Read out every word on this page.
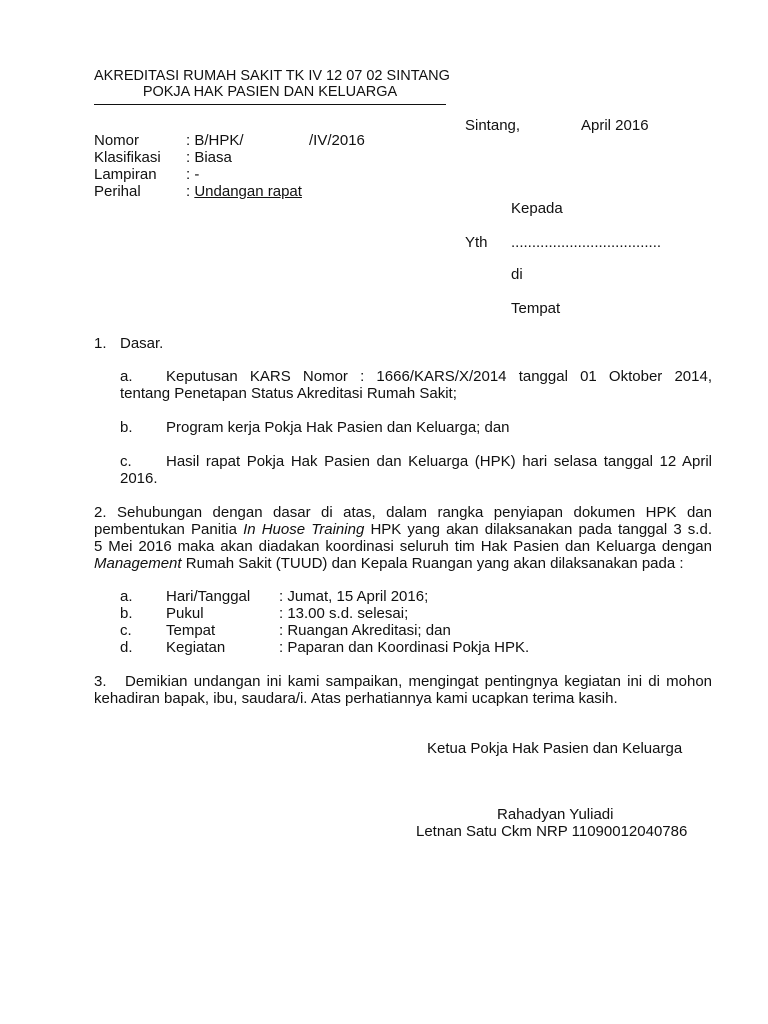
AKREDITASI RUMAH SAKIT TK IV 12 07 02 SINTANG
POKJA HAK PASIEN DAN KELUARGA
Sintang,	April 2016
Nomor	: B/HPK/	/IV/2016
Klasifikasi : Biasa
Lampiran : -
Perihal	: Undangan rapat
Kepada
Yth ....................................
di
Tempat
1. Dasar.
a. Keputusan KARS Nomor : 1666/KARS/X/2014 tanggal 01 Oktober 2014,
tentang Penetapan Status Akreditasi Rumah Sakit;
b. Program kerja Pokja Hak Pasien dan Keluarga; dan
c. Hasil rapat Pokja Hak Pasien dan Keluarga (HPK) hari selasa tanggal 12 April
2016.
2. Sehubungan dengan dasar di atas, dalam rangka penyiapan dokumen HPK dan
pembentukan Panitia In Huose Training HPK yang akan dilaksanakan pada tanggal 3 s.d.
5 Mei 2016 maka akan diadakan koordinasi seluruh tim Hak Pasien dan Keluarga dengan
Management Rumah Sakit (TUUD) dan Kepala Ruangan yang akan dilaksanakan pada :
a. Hari/Tanggal : Jumat, 15 April 2016;
b. Pukul	: 13.00 s.d. selesai;
c. Tempat	: Ruangan Akreditasi; dan
d. Kegiatan	: Paparan dan Koordinasi Pokja HPK.
3.   Demikian undangan ini kami sampaikan, mengingat pentingnya kegiatan ini di mohon
kehadiran bapak, ibu, saudara/i. Atas perhatiannya kami ucapkan terima kasih.
Ketua Pokja Hak Pasien dan Keluarga
Rahadyan Yuliadi
Letnan Satu Ckm NRP 11090012040786
